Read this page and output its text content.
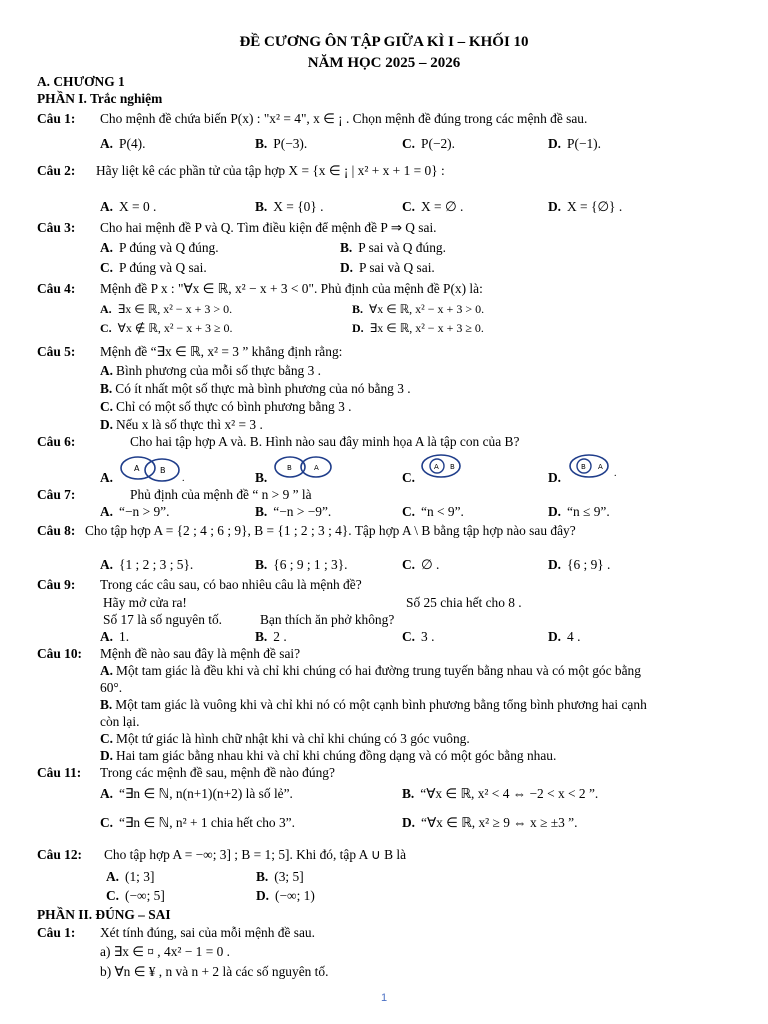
ĐỀ CƯƠNG ÔN TẬP GIỮA KÌ I – KHỐI 10
NĂM HỌC 2025 – 2026
A. CHƯƠNG 1
PHẦN I. Trắc nghiệm
Câu 1: Cho mệnh đề chứa biến P(x) : "x² = 4", x ∈ ¡ . Chọn mệnh đề đúng trong các mệnh đề sau.
A. P(4).	B. P(−3).	C. P(−2).	D. P(−1).
Câu 2: Hãy liệt kê các phần tử của tập hợp X = {x ∈ ¡ | x² + x + 1 = 0} :
A. X = 0 .	B. X = {0} .	C. X = ∅ .	D. X = {∅} .
Câu 3: Cho hai mệnh đề P và Q. Tìm điều kiện để mệnh đề P ⇒ Q sai.
A. P đúng và Q đúng.	B. P sai và Q đúng.
C. P đúng và Q sai.	D. P sai và Q sai.
Câu 4: Mệnh đề P x : "∀x ∈ ℝ, x² − x + 3 < 0". Phủ định của mệnh đề P(x) là:
A. ∃x ∈ ℝ, x² − x + 3 > 0.	B. ∀x ∈ ℝ, x² − x + 3 > 0.
C. ∀x ∉ ℝ, x² − x + 3 ≥ 0.	D. ∃x ∈ ℝ, x² − x + 3 ≥ 0.
Câu 5: Mệnh đề “∃x ∈ ℝ, x² = 3 ” khẳng định rằng:
A. Bình phương của mỗi số thực bằng 3 .
B. Có ít nhất một số thực mà bình phương của nó bằng 3 .
C. Chỉ có một số thực có bình phương bằng 3 .
D. Nếu x là số thực thì x² = 3 .
Câu 6:	Cho hai tập hợp A và. B. Hình nào sau đây minh họa A là tập con của B?
A.
A	B
.	B.
B	A
C.
A B
D.
B A
.
Câu 7:	Phủ định của mệnh đề “ n > 9 ” là
A. “−n > 9”.	B. “−n > −9”.	C. “n < 9”.	D. “n ≤ 9”.
Câu 8: Cho tập hợp A = {2 ; 4 ; 6 ; 9}, B = {1 ; 2 ; 3 ; 4}. Tập hợp A \ B bằng tập hợp nào sau đây?
A. {1 ; 2 ; 3 ; 5}.	B. {6 ; 9 ; 1 ; 3}.	C. ∅ .	D. {6 ; 9} .
Câu 9: Trong các câu sau, có bao nhiêu câu là mệnh đề?
Hãy mở cửa ra!	Số 25 chia hết cho 8 .
Số 17 là số nguyên tố.	Bạn thích ăn phở không?
A. 1.	B. 2 .	C. 3 .	D. 4 .
Câu 10: Mệnh đề nào sau đây là mệnh đề sai?
A. Một tam giác là đều khi và chỉ khi chúng có hai đường trung tuyến bằng nhau và có một góc bằng
60°.
B. Một tam giác là vuông khi và chỉ khi nó có một cạnh bình phương bằng tổng bình phương hai cạnh
còn lại.
C. Một tứ giác là hình chữ nhật khi và chỉ khi chúng có 3 góc vuông.
D. Hai tam giác bằng nhau khi và chỉ khi chúng đồng dạng và có một góc bằng nhau.
Câu 11: Trong các mệnh đề sau, mệnh đề nào đúng?
A. “∃n ∈ ℕ, n(n+1)(n+2) là số lẻ”.	B. “∀x ∈ ℝ, x² < 4 ⇔ −2 < x < 2 ”.
C. “∃n ∈ ℕ, n² + 1 chia hết cho 3”.	D. “∀x ∈ ℝ, x² ≥ 9 ⇔ x ≥ ±3 ”.
Câu 12: Cho tập hợp A = −∞; 3] ; B = 1; 5]. Khi đó, tập A ∪ B là
A. (1; 3]	B. (3; 5]
C. (−∞; 5]	D. (−∞; 1)
PHẦN II. ĐÚNG – SAI
Câu 1: Xét tính đúng, sai của mỗi mệnh đề sau.
a) ∃x ∈ ¤ , 4x² − 1 = 0 .
b) ∀n ∈ ¥ , n và n + 2 là các số nguyên tố.
1
